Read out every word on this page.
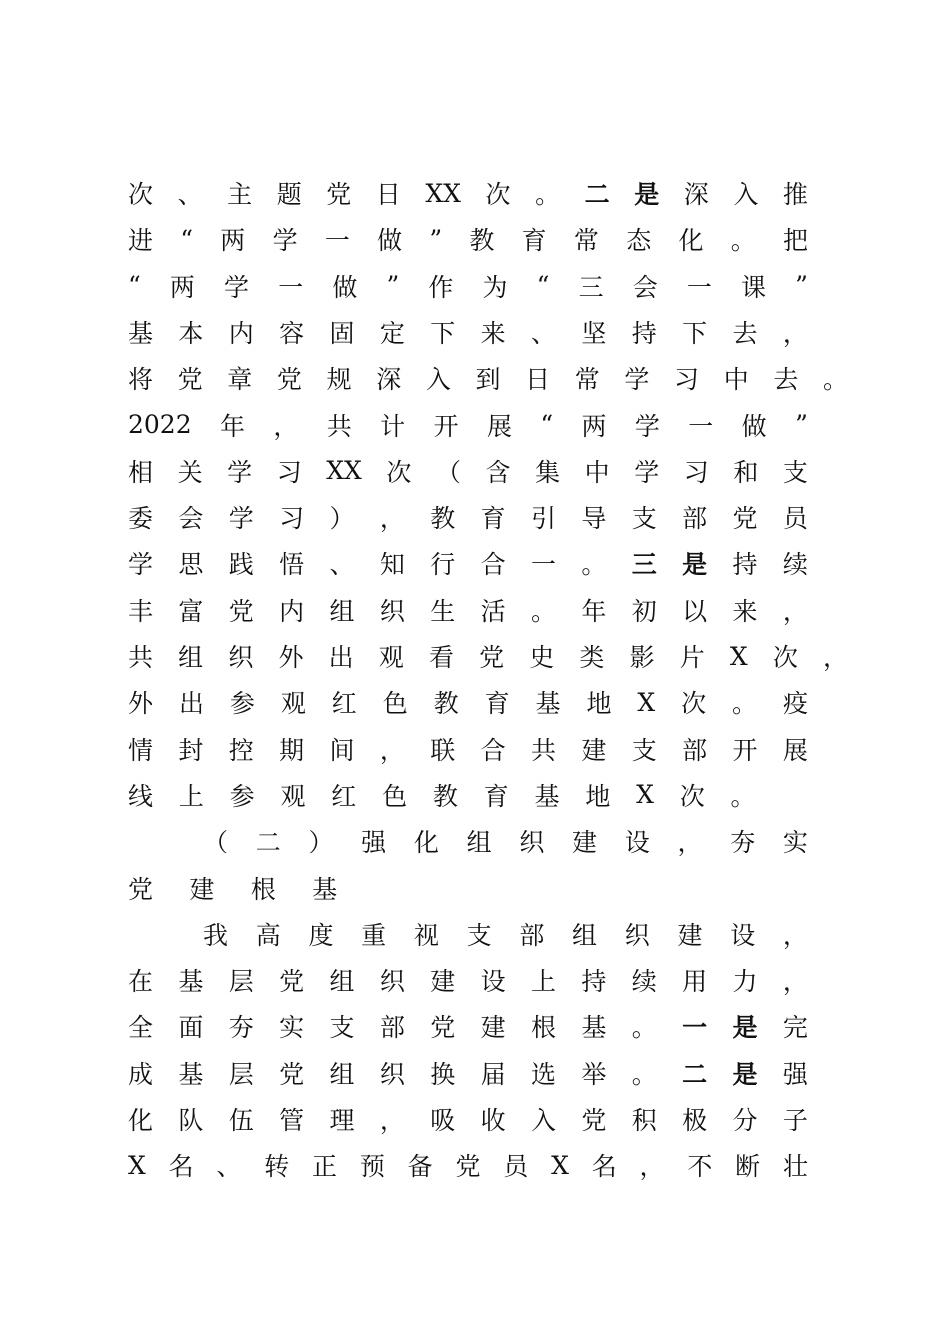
次 、 主 题 党 日 XX 次 。 二 是 深 入 推
进 “ 两 学 一 做 ” 教 育 常 态 化 。 把
“ 两 学 一 做 ” 作 为 “ 三 会 一 课 ”
基 本 内 容 固 定 下 来 、 坚 持 下 去 ，
将 党 章 党 规 深 入 到 日 常 学 习 中 去 。
2022 年 ， 共 计 开 展 “ 两 学 一 做 ”
相 关 学 习 XX 次 （ 含 集 中 学 习 和 支
委 会 学 习 ） ， 教 育 引 导 支 部 党 员
学 思 践 悟 、 知 行 合 一 。 三 是 持 续
丰 富 党 内 组 织 生 活 。 年 初 以 来 ，
共 组 织 外 出 观 看 党 史 类 影 片 X 次 ，
外 出 参 观 红 色 教 育 基 地 X 次 。 疫
情 封 控 期 间 ， 联 合 共 建 支 部 开 展
线 上 参 观 红 色 教 育 基 地 X 次 。
（ 二 ） 强 化 组 织 建 设 ， 夯 实
党 建 根 基
我 高 度 重 视 支 部 组 织 建 设 ，
在 基 层 党 组 织 建 设 上 持 续 用 力 ，
全 面 夯 实 支 部 党 建 根 基 。 一 是 完
成 基 层 党 组 织 换 届 选 举 。 二 是 强
化 队 伍 管 理 ， 吸 收 入 党 积 极 分 子
X 名 、 转 正 预 备 党 员 X 名 ， 不 断 壮
